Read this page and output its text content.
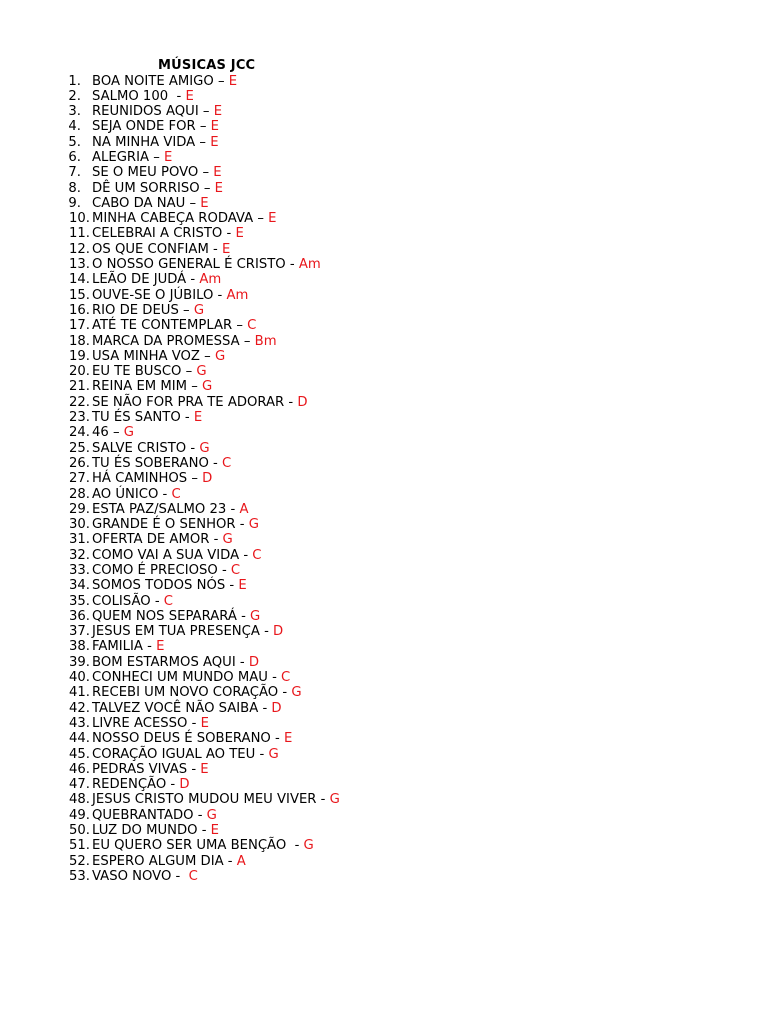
MÚSICAS JCC
1. BOA NOITE AMIGO – E
2. SALMO 100  - E
3. REUNIDOS AQUI – E
4. SEJA ONDE FOR – E
5. NA MINHA VIDA – E
6. ALEGRIA – E
7. SE O MEU POVO – E
8. DÊ UM SORRISO – E
9. CABO DA NAU – E
10. MINHA CABEÇA RODAVA – E
11. CELEBRAI A CRISTO - E
12. OS QUE CONFIAM - E
13. O NOSSO GENERAL É CRISTO - Am
14. LEÃO DE JUDÁ - Am
15. OUVE-SE O JÚBILO - Am
16. RIO DE DEUS – G
17. ATÉ TE CONTEMPLAR – C
18. MARCA DA PROMESSA – Bm
19. USA MINHA VOZ – G
20. EU TE BUSCO – G
21. REINA EM MIM – G
22. SE NÃO FOR PRA TE ADORAR - D
23. TU ÉS SANTO - E
24. 46 – G
25. SALVE CRISTO - G
26. TU ÉS SOBERANO - C
27. HÁ CAMINHOS – D
28. AO ÚNICO - C
29. ESTA PAZ/SALMO 23 - A
30. GRANDE É O SENHOR - G
31. OFERTA DE AMOR - G
32. COMO VAI A SUA VIDA - C
33. COMO É PRECIOSO - C
34. SOMOS TODOS NÓS - E
35. COLISÃO - C
36. QUEM NOS SEPARARÁ - G
37. JESUS EM TUA PRESENÇA - D
38. FAMILIA - E
39. BOM ESTARMOS AQUI - D
40. CONHECI UM MUNDO MAU - C
41. RECEBI UM NOVO CORAÇÃO - G
42. TALVEZ VOCÊ NÃO SAIBA - D
43. LIVRE ACESSO - E
44. NOSSO DEUS É SOBERANO - E
45. CORAÇÃO IGUAL AO TEU - G
46. PEDRAS VIVAS - E
47. REDENÇÃO - D
48. JESUS CRISTO MUDOU MEU VIVER - G
49. QUEBRANTADO - G
50. LUZ DO MUNDO - E
51. EU QUERO SER UMA BENÇÃO  - G
52. ESPERO ALGUM DIA - A
53. VASO NOVO -  C
